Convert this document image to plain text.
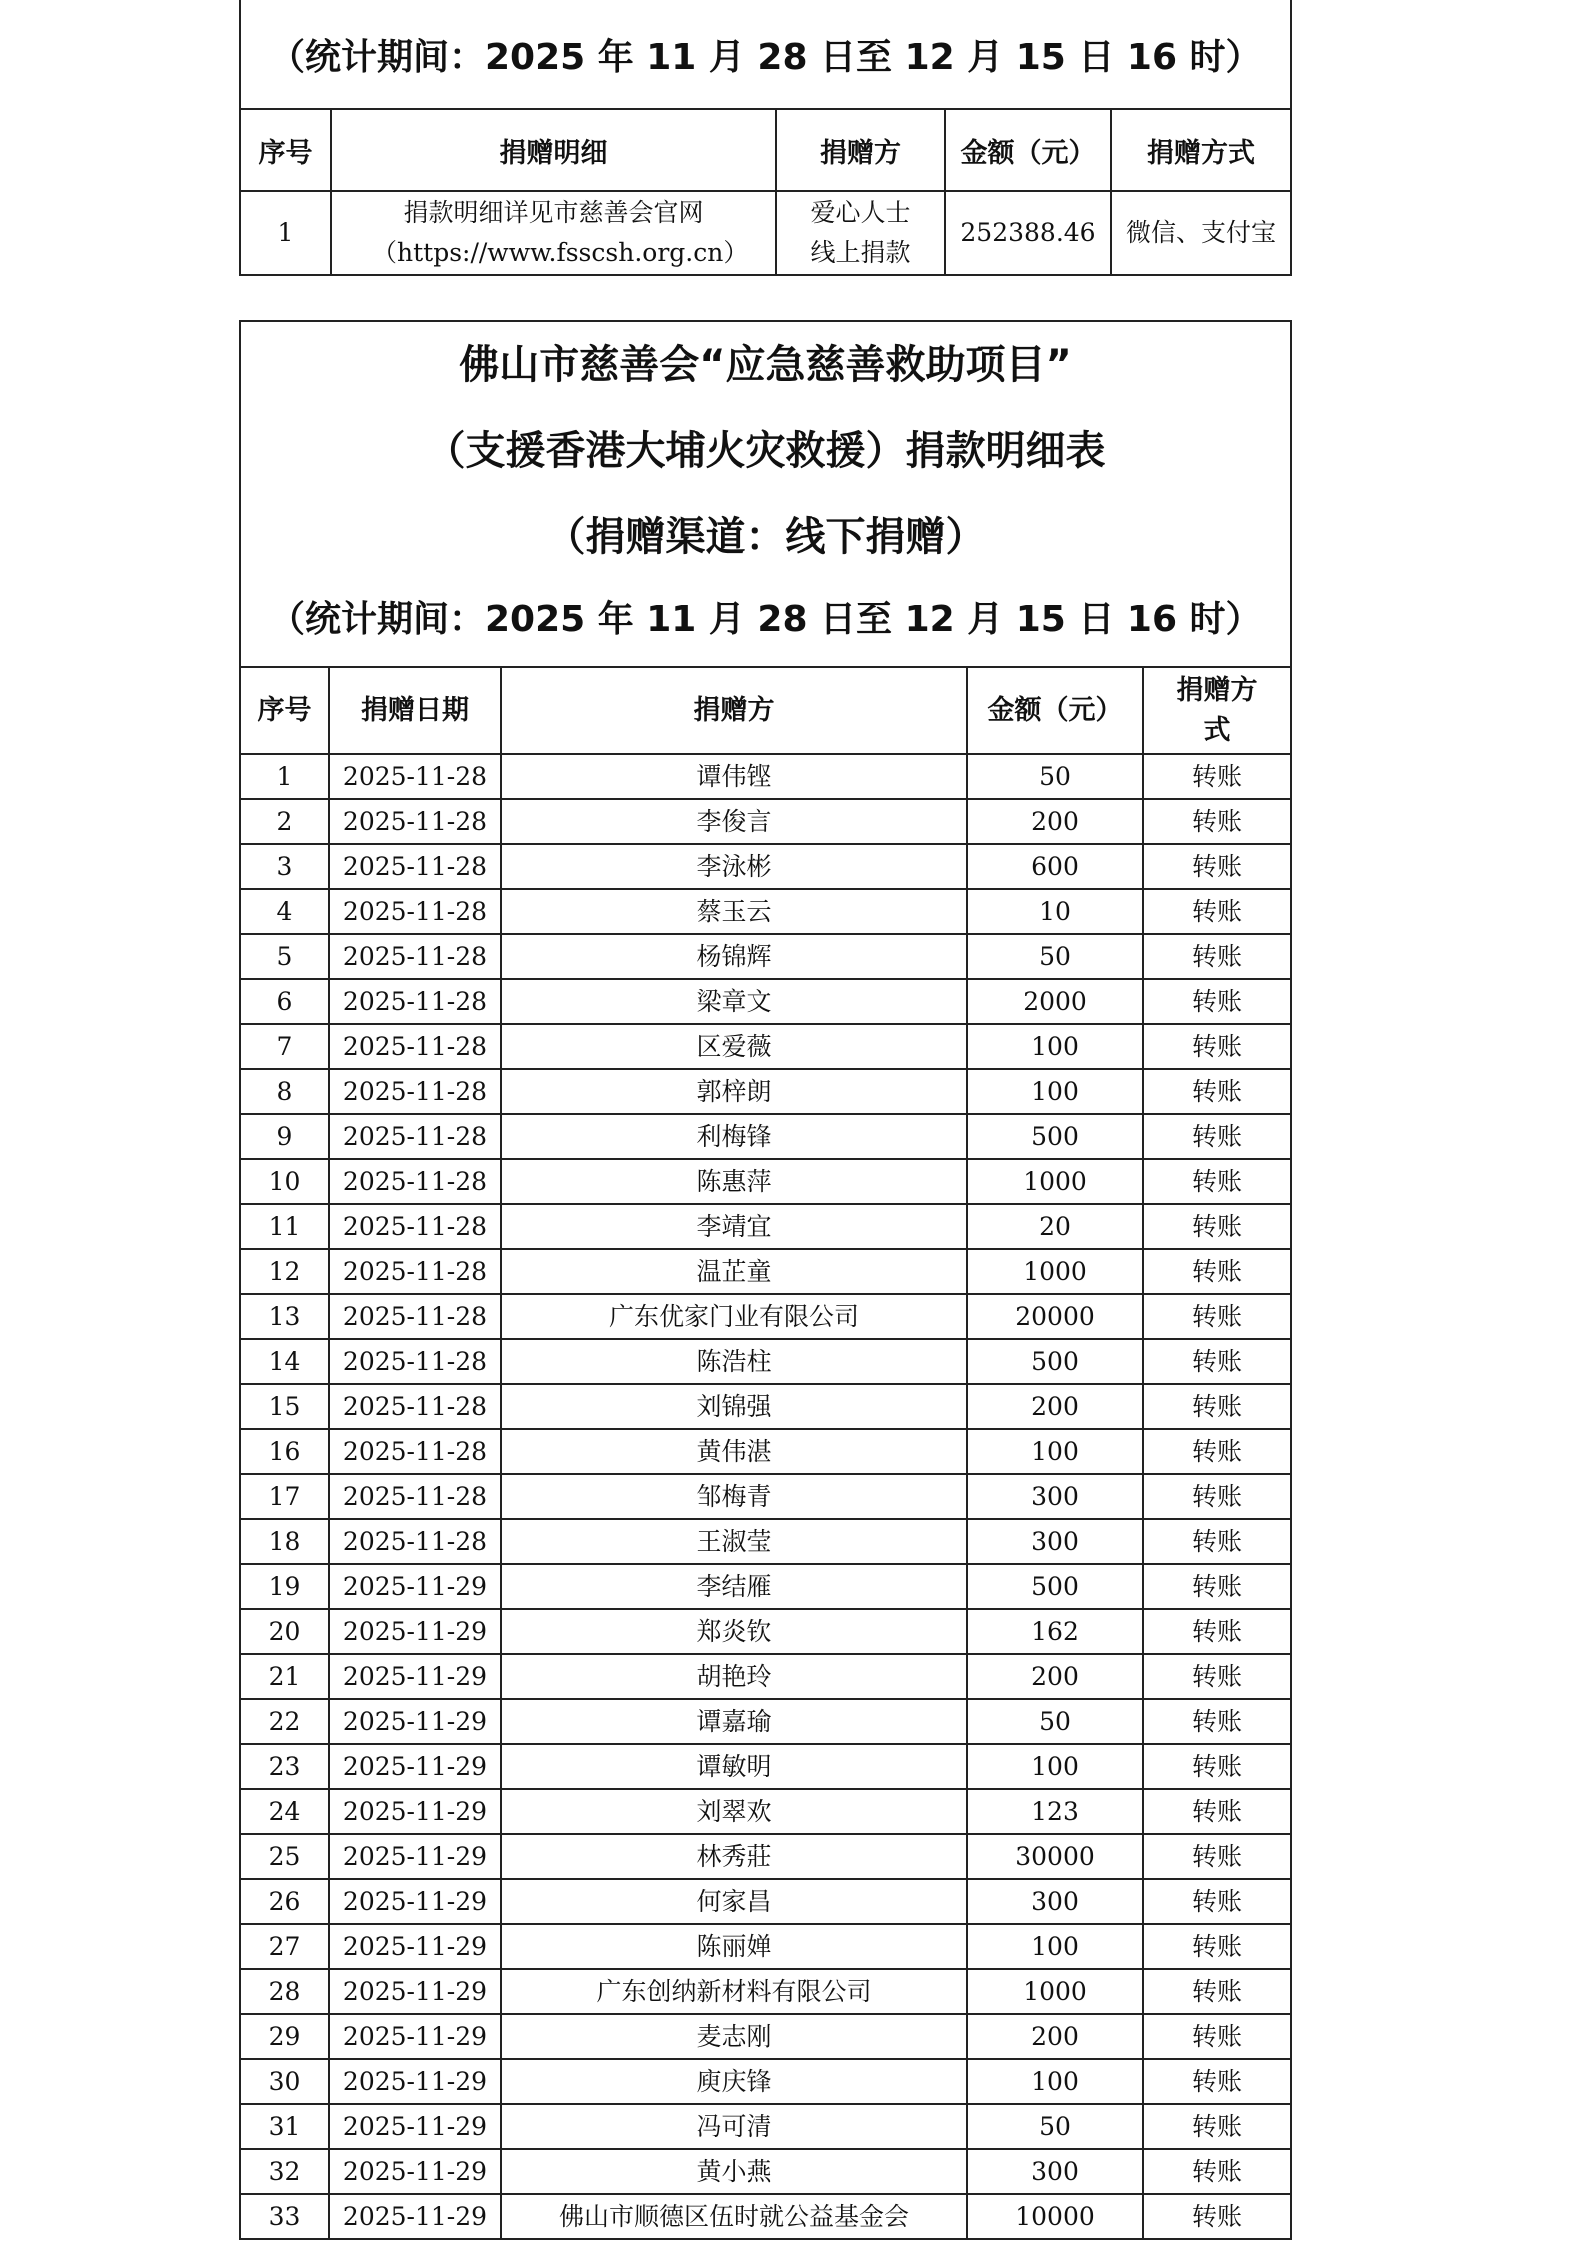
（统计期间：2025 年 11 月 28 日至 12 月 15 日 16 时）				
序号	捐赠明细	捐赠方	金额（元）	捐赠方式
1	捐款明细详见市慈善会官网（https://www.fsscsh.org.cn）	爱心人士线上捐款	252388.46	微信、支付宝
佛山市慈善会“应急慈善救助项目”
（支援香港大埔火灾救援）捐款明细表
（捐赠渠道：线下捐赠）
（统计期间：2025 年 11 月 28 日至 12 月 15 日 16 时）				

序号	捐赠日期	捐赠方	金额（元）	捐赠方式
1	2025-11-28	谭伟铿	50	转账
2	2025-11-28	李俊言	200	转账
3	2025-11-28	李泳彬	600	转账
4	2025-11-28	蔡玉云	10	转账
5	2025-11-28	杨锦辉	50	转账
6	2025-11-28	梁章文	2000	转账
7	2025-11-28	区爱薇	100	转账
8	2025-11-28	郭梓朗	100	转账
9	2025-11-28	利梅锋	500	转账
10	2025-11-28	陈惠萍	1000	转账
11	2025-11-28	李靖宜	20	转账
12	2025-11-28	温芷童	1000	转账
13	2025-11-28	广东优家门业有限公司	20000	转账
14	2025-11-28	陈浩柱	500	转账
15	2025-11-28	刘锦强	200	转账
16	2025-11-28	黄伟湛	100	转账
17	2025-11-28	邹梅青	300	转账
18	2025-11-28	王淑莹	300	转账
19	2025-11-29	李结雁	500	转账
20	2025-11-29	郑炎钦	162	转账
21	2025-11-29	胡艳玲	200	转账
22	2025-11-29	谭嘉瑜	50	转账
23	2025-11-29	谭敏明	100	转账
24	2025-11-29	刘翠欢	123	转账
25	2025-11-29	林秀莊	30000	转账
26	2025-11-29	何家昌	300	转账
27	2025-11-29	陈丽婵	100	转账
28	2025-11-29	广东创纳新材料有限公司	1000	转账
29	2025-11-29	麦志刚	200	转账
30	2025-11-29	庾庆锋	100	转账
31	2025-11-29	冯可清	50	转账
32	2025-11-29	黄小燕	300	转账
33	2025-11-29	佛山市顺德区伍时就公益基金会	10000	转账
